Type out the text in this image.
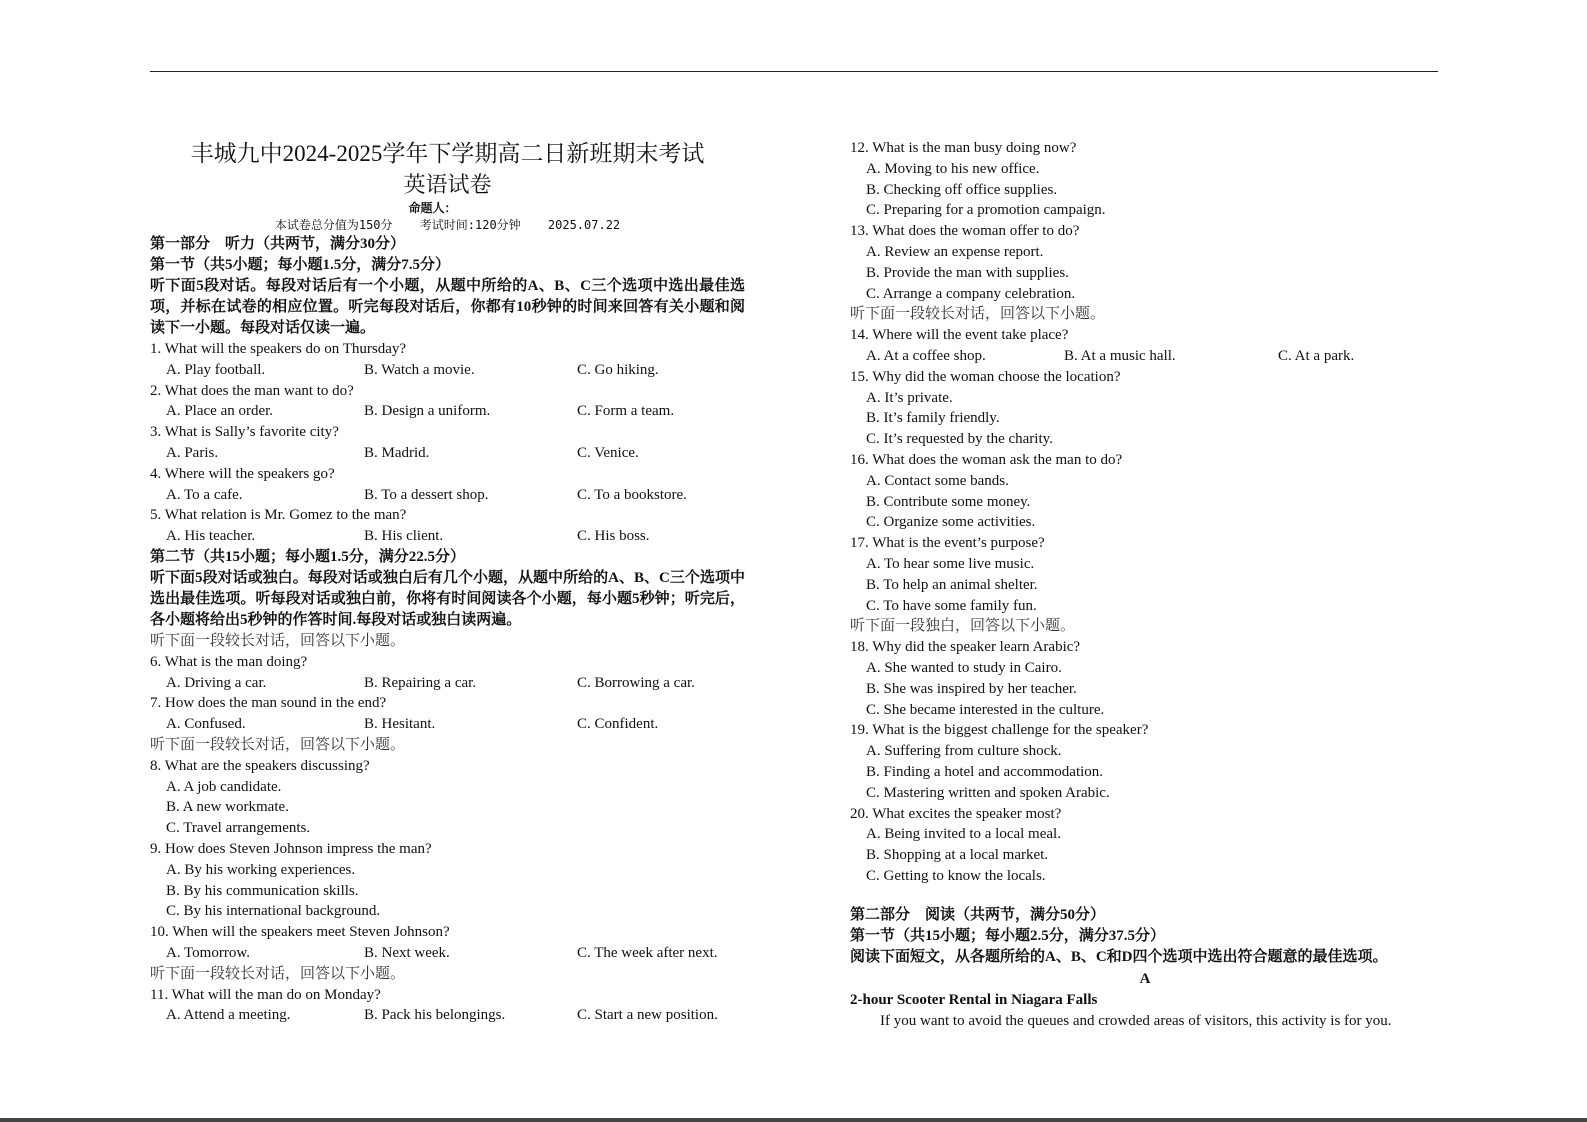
丰城九中2024-2025学年下学期高二日新班期末考试
英语试卷
命题人：
本试卷总分值为150分 考试时间:120分钟 2025.07.22
第一部分　听力（共两节，满分30分）
第一节（共5小题；每小题1.5分，满分7.5分）
听下面5段对话。每段对话后有一个小题，从题中所给的A、B、C三个选项中选出最佳选项，并标在试卷的相应位置。听完每段对话后，你都有10秒钟的时间来回答有关小题和阅读下一小题。每段对话仅读一遍。
1. What will the speakers do on Thursday?
A. Play football.	B. Watch a movie.	C. Go hiking.
2. What does the man want to do?
A. Place an order.	B. Design a uniform.	C. Form a team.
3. What is Sally’s favorite city?
A. Paris.	B. Madrid.	C. Venice.
4. Where will the speakers go?
A. To a cafe.	B. To a dessert shop.	C. To a bookstore.
5. What relation is Mr. Gomez to the man?
A. His teacher.	B. His client.	C. His boss.
第二节（共15小题；每小题1.5分，满分22.5分）
听下面5段对话或独白。每段对话或独白后有几个小题，从题中所给的A、B、C三个选项中选出最佳选项。听每段对话或独白前，你将有时间阅读各个小题，每小题5秒钟；听完后，各小题将给出5秒钟的作答时间.每段对话或独白读两遍。
听下面一段较长对话，回答以下小题。
6. What is the man doing?
A. Driving a car.	B. Repairing a car.	C. Borrowing a car.
7. How does the man sound in the end?
A. Confused.	B. Hesitant.	C. Confident.
听下面一段较长对话，回答以下小题。
8. What are the speakers discussing?
A. A job candidate.
B. A new workmate.
C. Travel arrangements.
9. How does Steven Johnson impress the man?
A. By his working experiences.
B. By his communication skills.
C. By his international background.
10. When will the speakers meet Steven Johnson?
A. Tomorrow.	B. Next week.	C. The week after next.
听下面一段较长对话，回答以下小题。
11. What will the man do on Monday?
A. Attend a meeting.	B. Pack his belongings.	C. Start a new position.
12. What is the man busy doing now?
A. Moving to his new office.
B. Checking off office supplies.
C. Preparing for a promotion campaign.
13. What does the woman offer to do?
A. Review an expense report.
B. Provide the man with supplies.
C. Arrange a company celebration.
听下面一段较长对话，回答以下小题。
14. Where will the event take place?
A. At a coffee shop.	B. At a music hall.	C. At a park.
15. Why did the woman choose the location?
A. It’s private.
B. It’s family friendly.
C. It’s requested by the charity.
16. What does the woman ask the man to do?
A. Contact some bands.
B. Contribute some money.
C. Organize some activities.
17. What is the event’s purpose?
A. To hear some live music.
B. To help an animal shelter.
C. To have some family fun.
听下面一段独白，回答以下小题。
18. Why did the speaker learn Arabic?
A. She wanted to study in Cairo.
B. She was inspired by her teacher.
C. She became interested in the culture.
19. What is the biggest challenge for the speaker?
A. Suffering from culture shock.
B. Finding a hotel and accommodation.
C. Mastering written and spoken Arabic.
20. What excites the speaker most?
A. Being invited to a local meal.
B. Shopping at a local market.
C. Getting to know the locals.
第二部分　阅读（共两节，满分50分）
第一节（共15小题；每小题2.5分，满分37.5分）
阅读下面短文，从各题所给的A、B、C和D四个选项中选出符合题意的最佳选项。
A
2-hour Scooter Rental in Niagara Falls
If you want to avoid the queues and crowded areas of visitors, this activity is for you.
